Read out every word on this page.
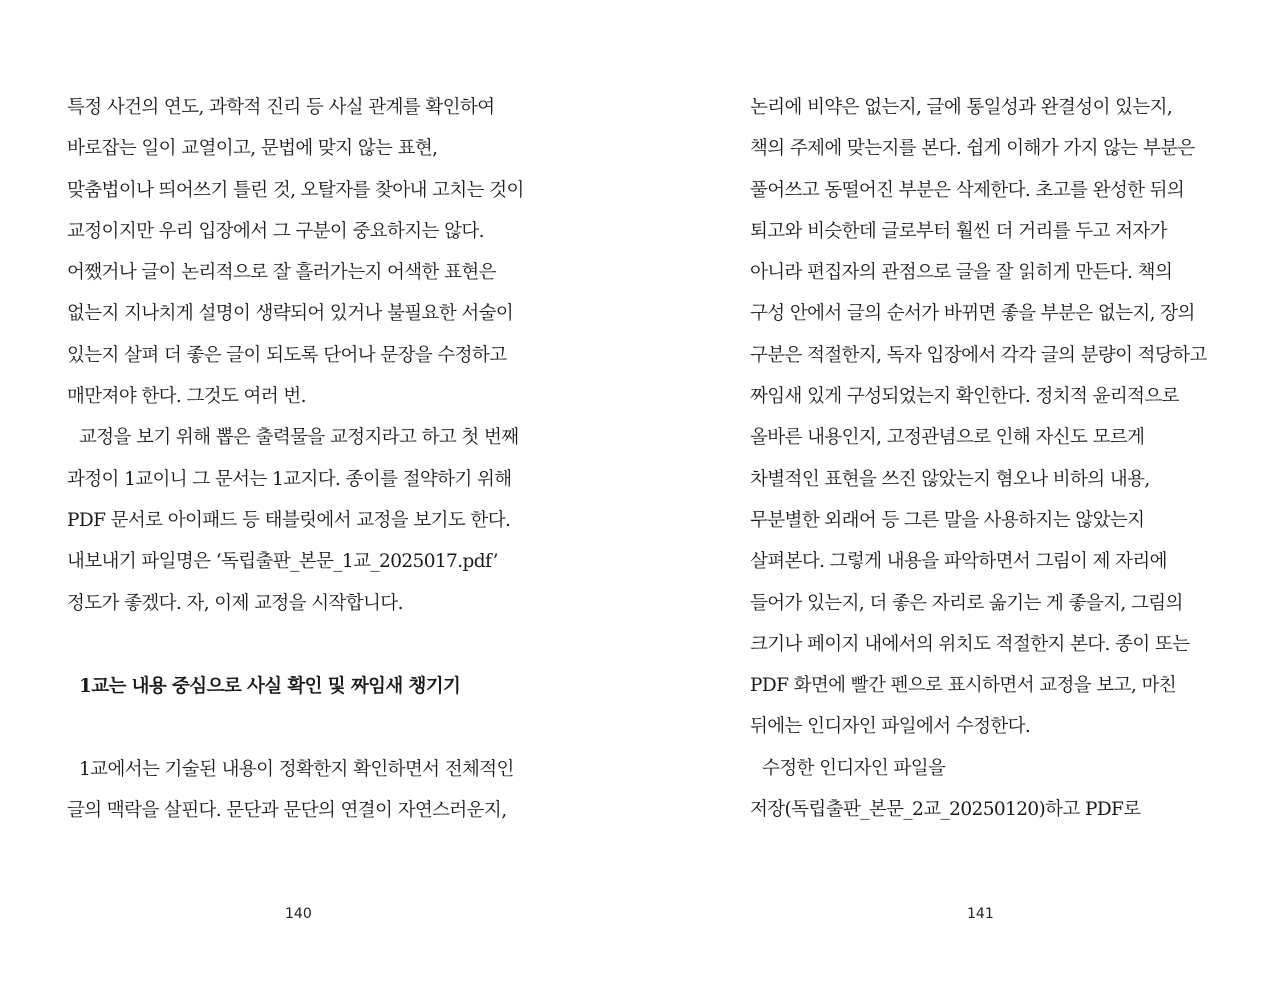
특정 사건의 연도, 과학적 진리 등 사실 관계를 확인하여
바로잡는 일이 교열이고, 문법에 맞지 않는 표현,
맞춤법이나 띄어쓰기 틀린 것, 오탈자를 찾아내 고치는 것이
교정이지만 우리 입장에서 그 구분이 중요하지는 않다.
어쨌거나 글이 논리적으로 잘 흘러가는지 어색한 표현은
없는지 지나치게 설명이 생략되어 있거나 불필요한 서술이
있는지 살펴 더 좋은 글이 되도록 단어나 문장을 수정하고
매만져야 한다. 그것도 여러 번.
교정을 보기 위해 뽑은 출력물을 교정지라고 하고 첫 번째
과정이 1교이니 그 문서는 1교지다. 종이를 절약하기 위해
PDF 문서로 아이패드 등 태블릿에서 교정을 보기도 한다.
내보내기 파일명은 ‘독립출판_본문_1교_2025017.pdf’
정도가 좋겠다. 자, 이제 교정을 시작합니다.
1교는 내용 중심으로 사실 확인 및 짜임새 챙기기
1교에서는 기술된 내용이 정확한지 확인하면서 전체적인
글의 맥락을 살핀다. 문단과 문단의 연결이 자연스러운지,
140
논리에 비약은 없는지, 글에 통일성과 완결성이 있는지,
책의 주제에 맞는지를 본다. 쉽게 이해가 가지 않는 부분은
풀어쓰고 동떨어진 부분은 삭제한다. 초고를 완성한 뒤의
퇴고와 비슷한데 글로부터 훨씬 더 거리를 두고 저자가
아니라 편집자의 관점으로 글을 잘 읽히게 만든다. 책의
구성 안에서 글의 순서가 바뀌면 좋을 부분은 없는지, 장의
구분은 적절한지, 독자 입장에서 각각 글의 분량이 적당하고
짜임새 있게 구성되었는지 확인한다. 정치적 윤리적으로
올바른 내용인지, 고정관념으로 인해 자신도 모르게
차별적인 표현을 쓰진 않았는지 혐오나 비하의 내용,
무분별한 외래어 등 그른 말을 사용하지는 않았는지
살펴본다. 그렇게 내용을 파악하면서 그림이 제 자리에
들어가 있는지, 더 좋은 자리로 옮기는 게 좋을지, 그림의
크기나 페이지 내에서의 위치도 적절한지 본다. 종이 또는
PDF 화면에 빨간 펜으로 표시하면서 교정을 보고, 마친
뒤에는 인디자인 파일에서 수정한다.
수정한 인디자인 파일을
저장(독립출판_본문_2교_20250120)하고 PDF로
141
